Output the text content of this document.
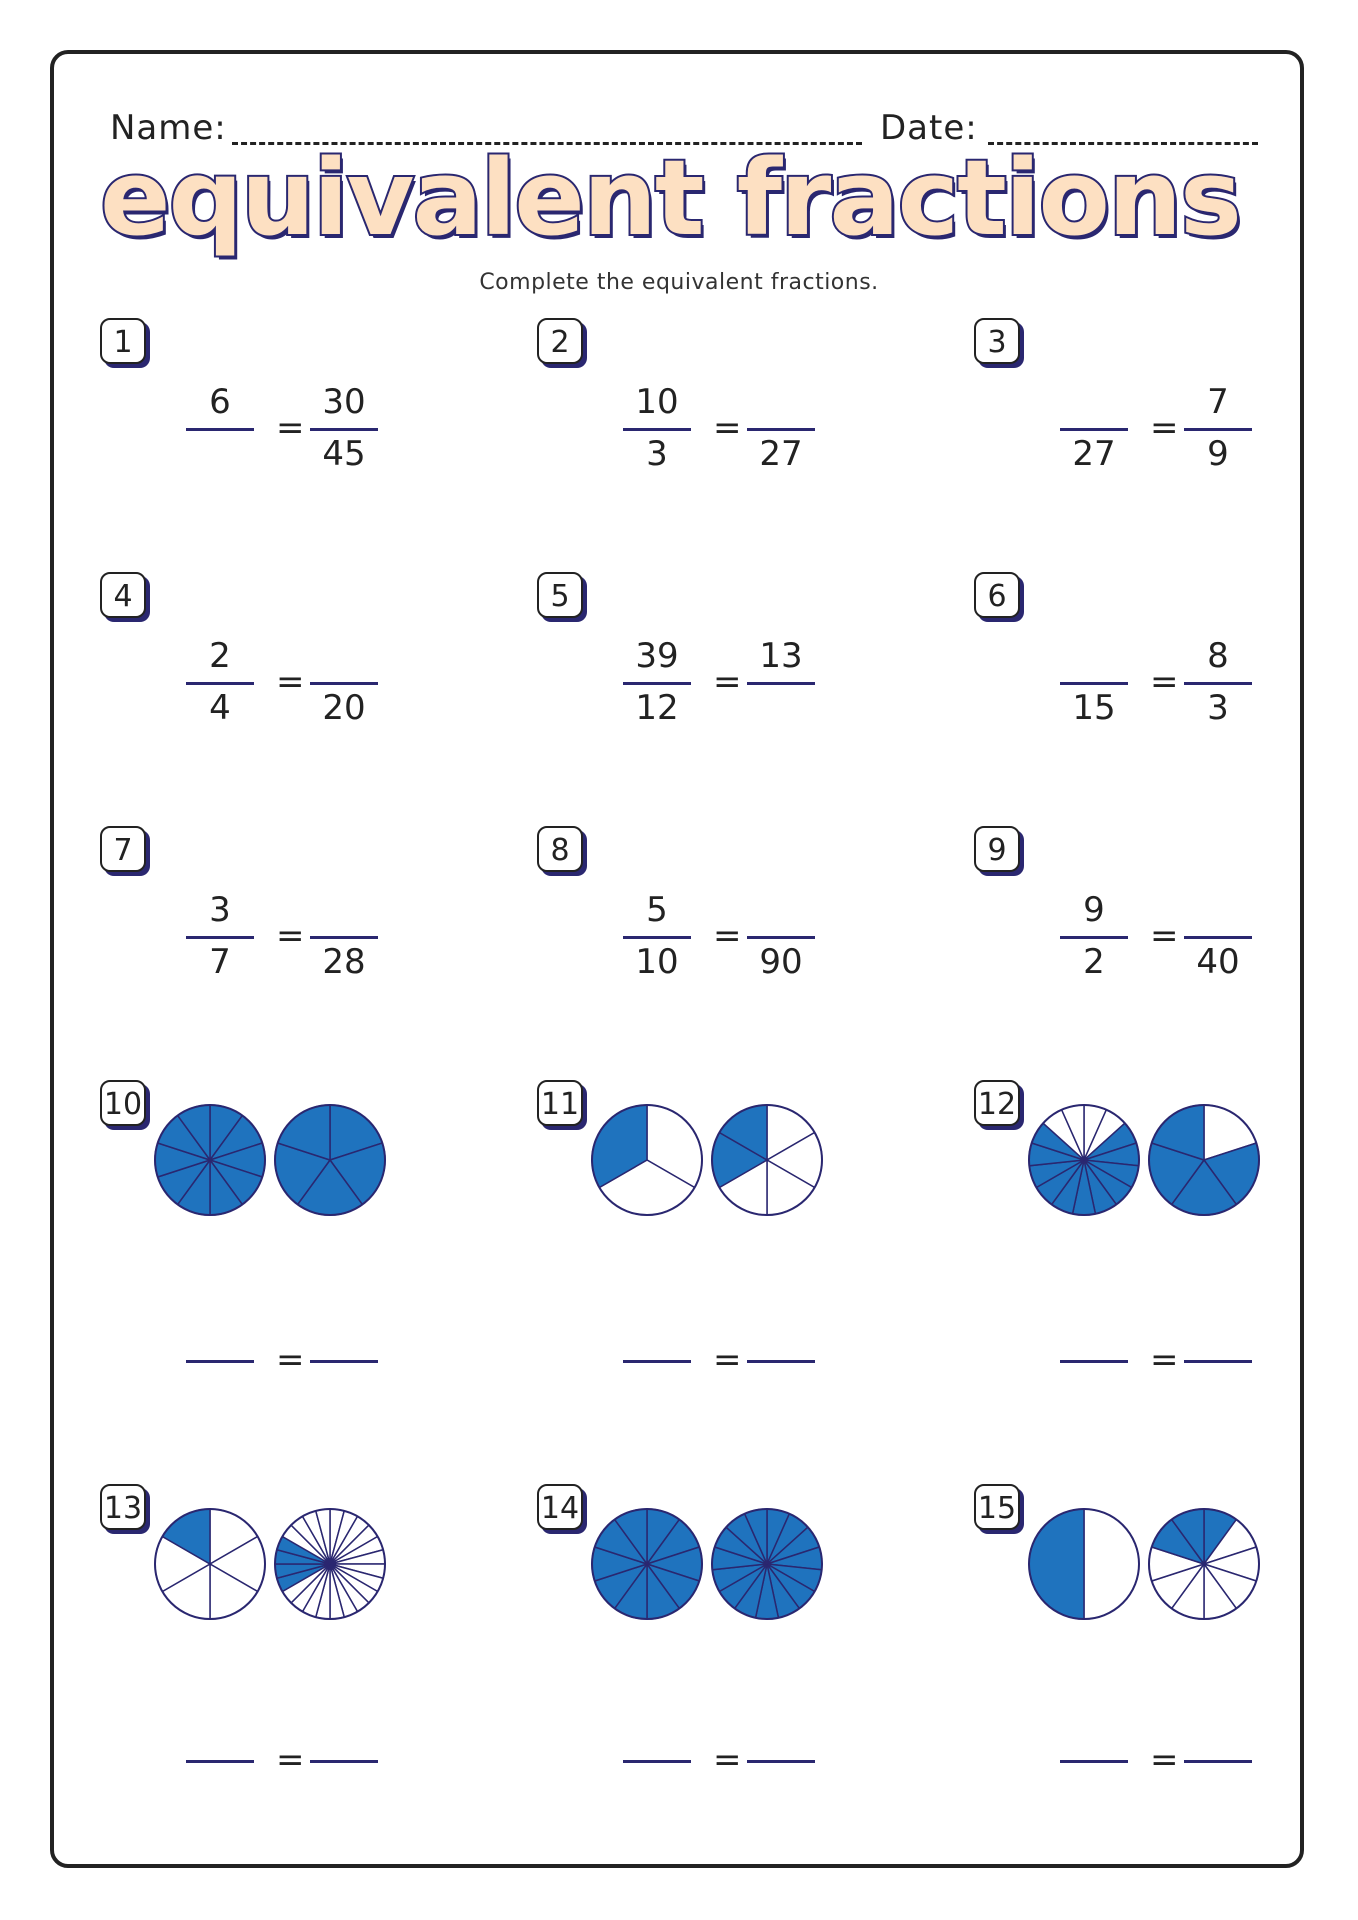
Name:	Date:
equivalent fractions
Complete the equivalent fractions.
1
6	30
45
=
2
10
3	27
=
3
27
7
9
=
4
2
4	20
=
5
39
12
13
=
6
15
8
3
=
7
3
7	28
=
8
5
10	90
=
9
9
2	40
=
10
=
11
=
12
=
13
=
14
=
15
=
